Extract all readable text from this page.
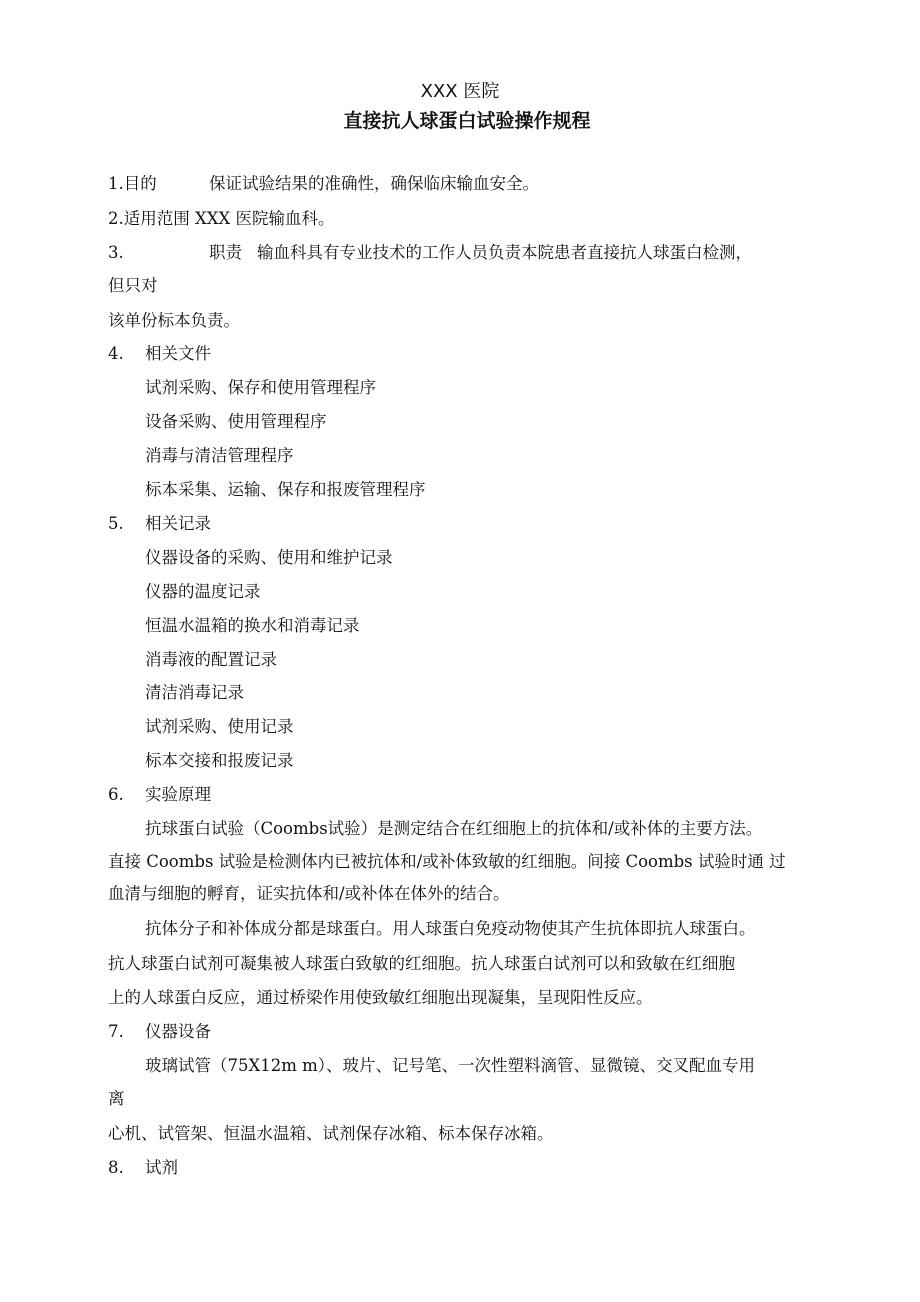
XXX 医院
直接抗人球蛋白试验操作规程
1.目的	保证试验结果的准确性，确保临床输血安全。
2.适用范围 XXX 医院输血科。
3.	职责 输血科具有专业技术的工作人员负责本院患者直接抗人球蛋白检测，
但只对
该单份标本负责。
4. 相关文件
试剂采购、保存和使用管理程序
设备采购、使用管理程序
消毒与清洁管理程序
标本采集、运输、保存和报废管理程序
5. 相关记录
仪器设备的采购、使用和维护记录
仪器的温度记录
恒温水温箱的换水和消毒记录
消毒液的配置记录
清洁消毒记录
试剂采购、使用记录
标本交接和报废记录
6. 实验原理
抗球蛋白试验（Coombs试验）是测定结合在红细胞上的抗体和/或补体的主要方法。
直接 Coombs 试验是检测体内已被抗体和/或补体致敏的红细胞。间接 Coombs 试验时通 过
血清与细胞的孵育，证实抗体和/或补体在体外的结合。
抗体分子和补体成分都是球蛋白。用人球蛋白免疫动物使其产生抗体即抗人球蛋白。
抗人球蛋白试剂可凝集被人球蛋白致敏的红细胞。抗人球蛋白试剂可以和致敏在红细胞
上的人球蛋白反应，通过桥梁作用使致敏红细胞出现凝集，呈现阳性反应。
7. 仪器设备
玻璃试管（75X12m m）、玻片、记号笔、一次性塑料滴管、显微镜、交叉配血专用
离
心机、试管架、恒温水温箱、试剂保存冰箱、标本保存冰箱。
8. 试剂
